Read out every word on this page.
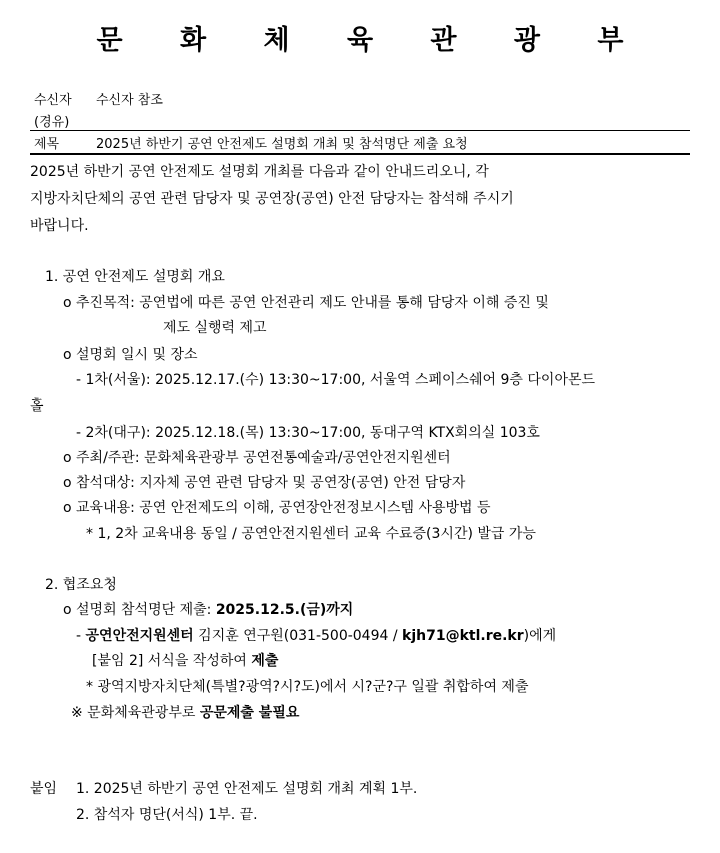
문 화 체 육 관 광 부
수신자 수신자 참조
(경유)
제목	2025년 하반기 공연 안전제도 설명회 개최 및 참석명단 제출 요청
2025년 하반기 공연 안전제도 설명회 개최를 다음과 같이 안내드리오니, 각
지방자치단체의 공연 관련 담당자 및 공연장(공연) 안전 담당자는 참석해 주시기
바랍니다.
1. 공연 안전제도 설명회 개요
o 추진목적: 공연법에 따른 공연 안전관리 제도 안내를 통해 담당자 이해 증진 및
제도 실행력 제고
o 설명회 일시 및 장소
- 1차(서울): 2025.12.17.(수) 13:30~17:00, 서울역 스페이스쉐어 9층 다이아몬드
홀
- 2차(대구): 2025.12.18.(목) 13:30~17:00, 동대구역 KTX회의실 103호
o 주최/주관: 문화체육관광부 공연전통예술과/공연안전지원센터
o 참석대상: 지자체 공연 관련 담당자 및 공연장(공연) 안전 담당자
o 교육내용: 공연 안전제도의 이해, 공연장안전정보시스템 사용방법 등
* 1, 2차 교육내용 동일 / 공연안전지원센터 교육 수료증(3시간) 발급 가능
2. 협조요청
o 설명회 참석명단 제출: 2025.12.5.(금)까지
- 공연안전지원센터 김지훈 연구원(031-500-0494 / kjh71@ktl.re.kr)에게
[붙임 2] 서식을 작성하여 제출
* 광역지방자치단체(특별?광역?시?도)에서 시?군?구 일괄 취합하여 제출
※ 문화체육관광부로 공문제출 불필요
붙임 1. 2025년 하반기 공연 안전제도 설명회 개최 계획 1부.
2. 참석자 명단(서식) 1부. 끝.
